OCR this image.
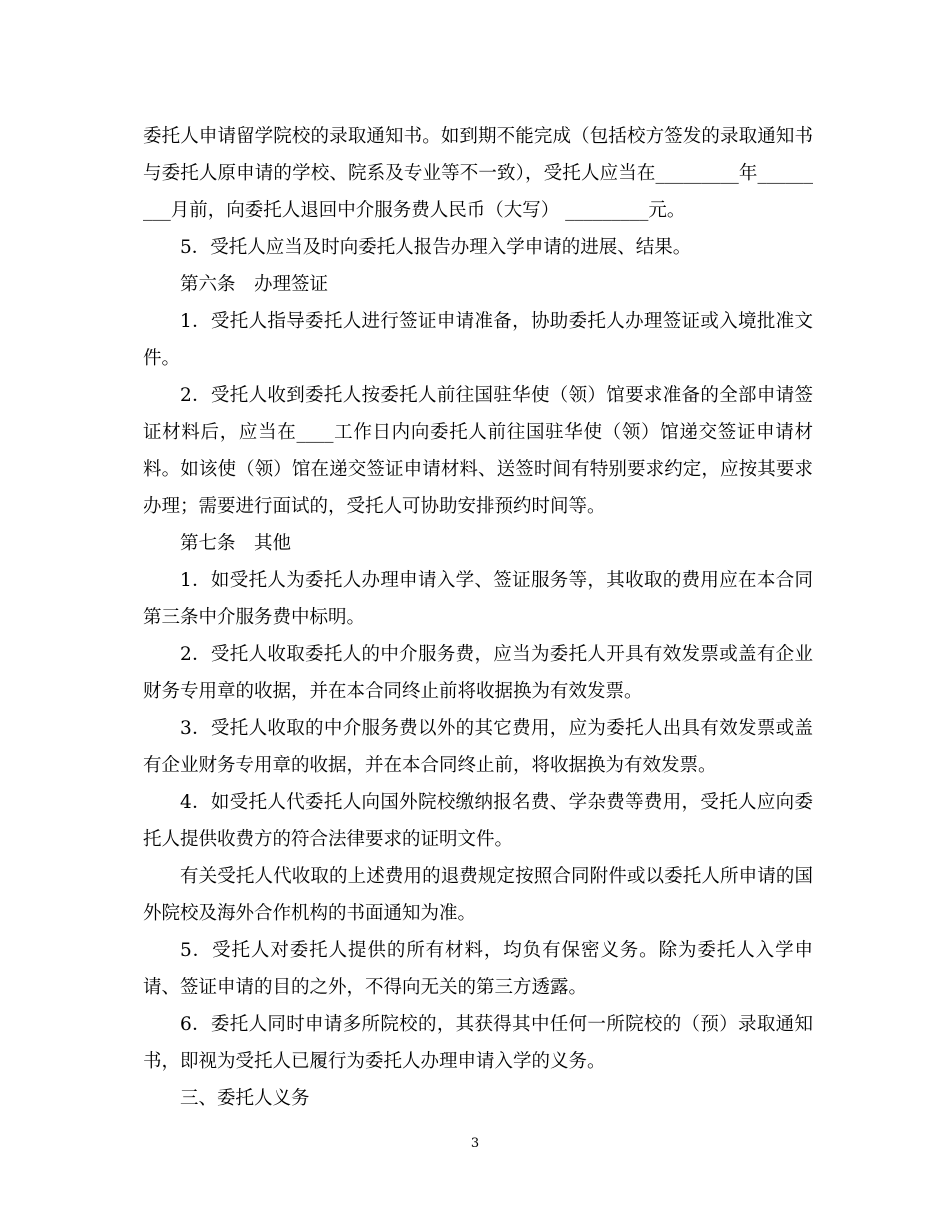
委托人申请留学院校的录取通知书。如到期不能完成（包括校方签发的录取通知书与委托人原申请的学校、院系及专业等不一致），受托人应当在_________年_________月前，向委托人退回中介服务费人民币（大写） _________元。

5．受托人应当及时向委托人报告办理入学申请的进展、结果。

第六条　办理签证

1．受托人指导委托人进行签证申请准备，协助委托人办理签证或入境批准文件。

2．受托人收到委托人按委托人前往国驻华使（领）馆要求准备的全部申请签证材料后，应当在____工作日内向委托人前往国驻华使（领）馆递交签证申请材料。如该使（领）馆在递交签证申请材料、送签时间有特别要求约定，应按其要求办理；需要进行面试的，受托人可协助安排预约时间等。

第七条　其他

1．如受托人为委托人办理申请入学、签证服务等，其收取的费用应在本合同第三条中介服务费中标明。

2．受托人收取委托人的中介服务费，应当为委托人开具有效发票或盖有企业财务专用章的收据，并在本合同终止前将收据换为有效发票。

3．受托人收取的中介服务费以外的其它费用，应为委托人出具有效发票或盖有企业财务专用章的收据，并在本合同终止前，将收据换为有效发票。

4．如受托人代委托人向国外院校缴纳报名费、学杂费等费用，受托人应向委托人提供收费方的符合法律要求的证明文件。

有关受托人代收取的上述费用的退费规定按照合同附件或以委托人所申请的国外院校及海外合作机构的书面通知为准。

5．受托人对委托人提供的所有材料，均负有保密义务。除为委托人入学申请、签证申请的目的之外，不得向无关的第三方透露。

6．委托人同时申请多所院校的，其获得其中任何一所院校的（预）录取通知书，即视为受托人已履行为委托人办理申请入学的义务。

三、委托人义务

3
